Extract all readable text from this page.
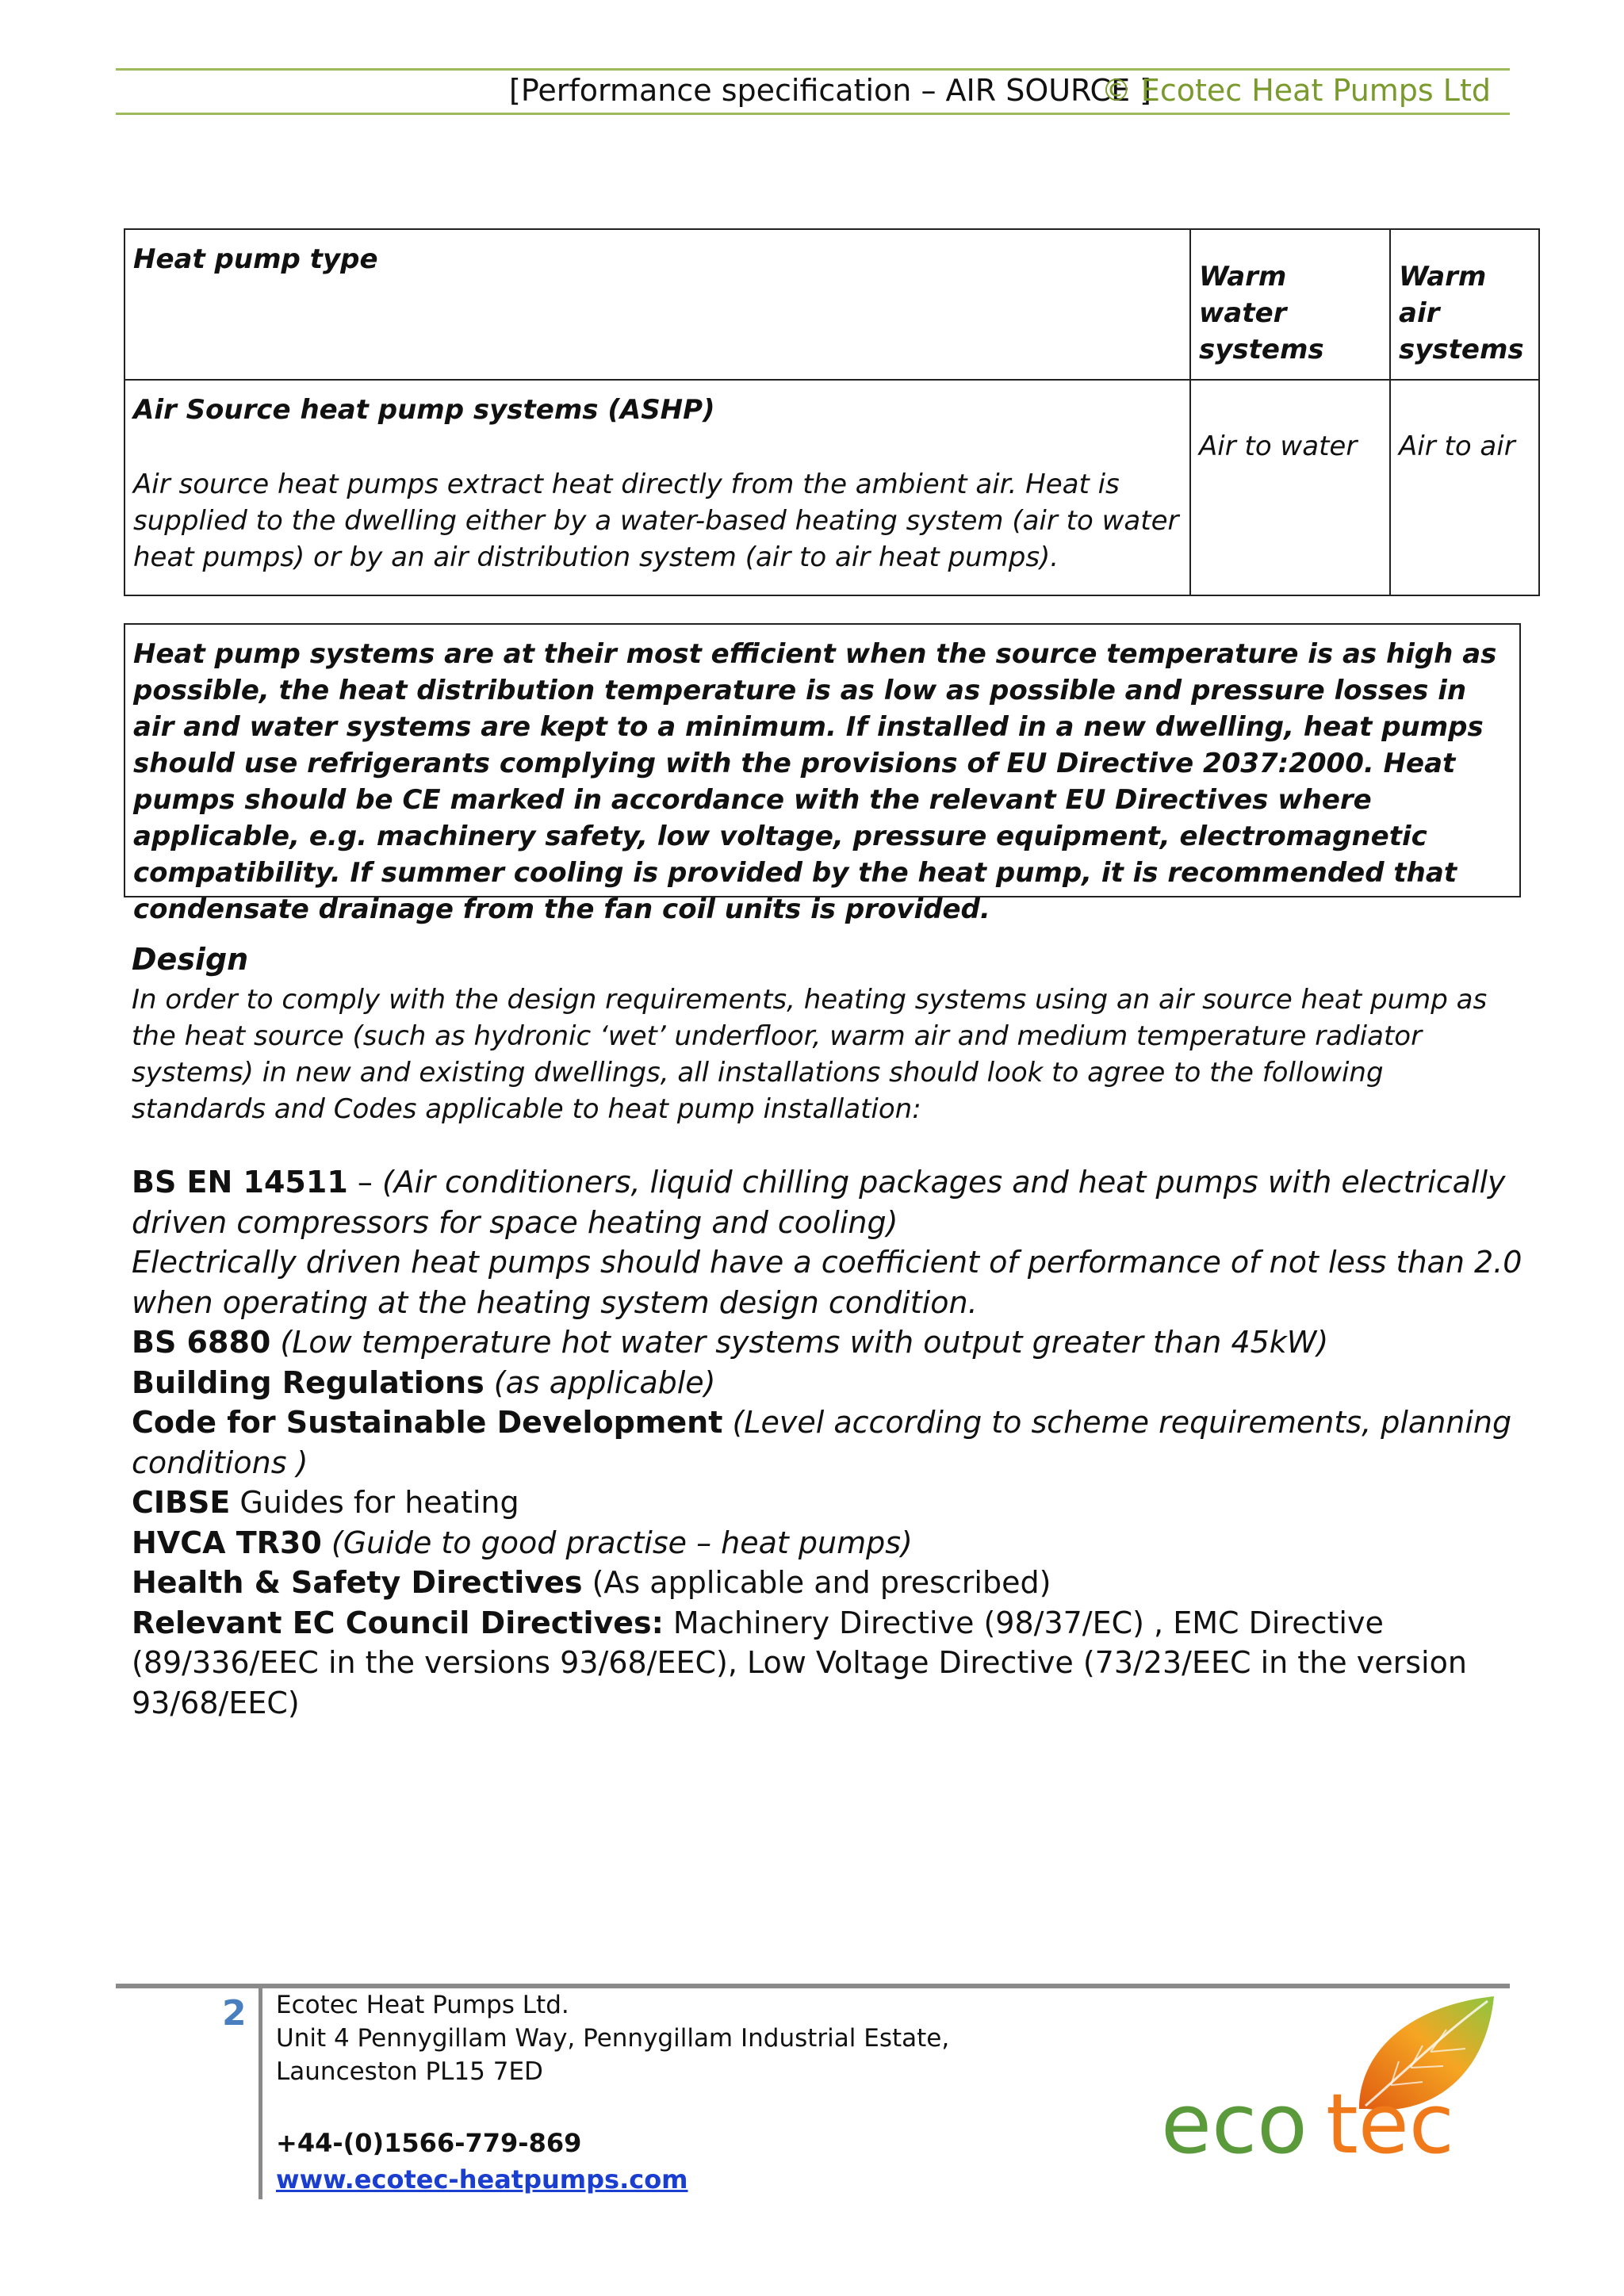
[Performance specification – AIR SOURCE ]
© Ecotec Heat Pumps Ltd
Heat pump type	Warm water systems	Warm air systems

Air Source heat pump systems (ASHP)
Air source heat pumps extract heat directly from the ambient air. Heat is supplied to the dwelling either by a water-based heating system (air to water heat pumps) or by an air distribution system (air to air heat pumps).	Air to water	Air to air
Heat pump systems are at their most efficient when the source temperature is as high as possible, the heat distribution temperature is as low as possible and pressure losses in air and water systems are kept to a minimum. If installed in a new dwelling, heat pumps should use refrigerants complying with the provisions of EU Directive 2037:2000. Heat pumps should be CE marked in accordance with the relevant EU Directives where applicable, e.g. machinery safety, low voltage, pressure equipment, electromagnetic compatibility. If summer cooling is provided by the heat pump, it is recommended that condensate drainage from the fan coil units is provided.
Design
In order to comply with the design requirements, heating systems using an air source heat pump as the heat source (such as hydronic ‘wet’ underfloor, warm air and medium temperature radiator systems) in new and existing dwellings, all installations should look to agree to the following standards and Codes applicable to heat pump installation:
BS EN 14511 – (Air conditioners, liquid chilling packages and heat pumps with electrically driven compressors for space heating and cooling)
Electrically driven heat pumps should have a coefficient of performance of not less than 2.0 when operating at the heating system design condition.
BS 6880 (Low temperature hot water systems with output greater than 45kW)
Building Regulations (as applicable)
Code for Sustainable Development (Level according to scheme requirements, planning conditions )
CIBSE Guides for heating
HVCA TR30 (Guide to good practise – heat pumps)
Health & Safety Directives (As applicable and prescribed)
Relevant EC Council Directives: Machinery Directive (98/37/EC) , EMC Directive (89/336/EEC in the versions 93/68/EEC), Low Voltage Directive (73/23/EEC in the version 93/68/EEC)
2 Ecotec Heat Pumps Ltd.
Unit 4 Pennygillam Way, Pennygillam Industrial Estate,
Launceston PL15 7ED
+44-(0)1566-779-869
www.ecotec-heatpumps.com
eco tec
